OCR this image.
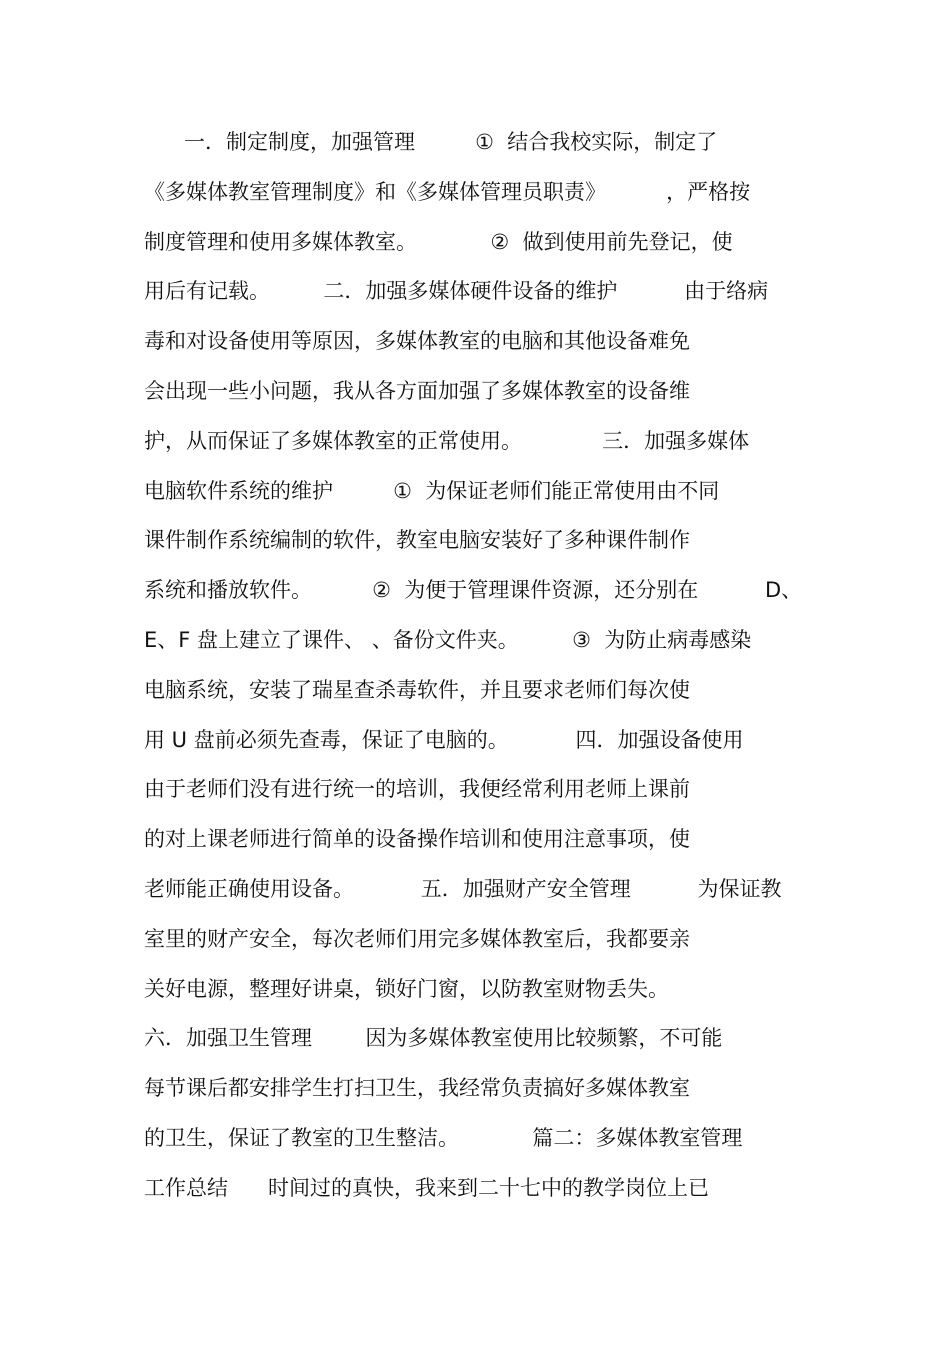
一．制定制度，加强管理         ①  结合我校实际，制定了
《多媒体教室管理制度》和《多媒体管理员职责》         ，严格按
制度管理和使用多媒体教室。           ②  做到使用前先登记，使
用后有记载。        二．加强多媒体硬件设备的维护          由于络病
毒和对设备使用等原因，多媒体教室的电脑和其他设备难免
会出现一些小问题，我从各方面加强了多媒体教室的设备维
护，从而保证了多媒体教室的正常使用。            三．加强多媒体
电脑软件系统的维护         ①  为保证老师们能正常使用由不同
课件制作系统编制的软件，教室电脑安装好了多种课件制作
系统和播放软件。         ②  为便于管理课件资源，还分别在          D、
E、F 盘上建立了课件、 、备份文件夹。        ③  为防止病毒感染
电脑系统，安装了瑞星查杀毒软件，并且要求老师们每次使
用 U 盘前必须先查毒，保证了电脑的。          四．加强设备使用
由于老师们没有进行统一的培训，我便经常利用老师上课前
的对上课老师进行简单的设备操作培训和使用注意事项，使
老师能正确使用设备。          五．加强财产安全管理          为保证教
室里的财产安全，每次老师们用完多媒体教室后，我都要亲
关好电源，整理好讲桌，锁好门窗，以防教室财物丢失。
六．加强卫生管理        因为多媒体教室使用比较频繁，不可能
每节课后都安排学生打扫卫生，我经常负责搞好多媒体教室
的卫生，保证了教室的卫生整洁。           篇二：多媒体教室管理
工作总结      时间过的真快，我来到二十七中的教学岗位上已
